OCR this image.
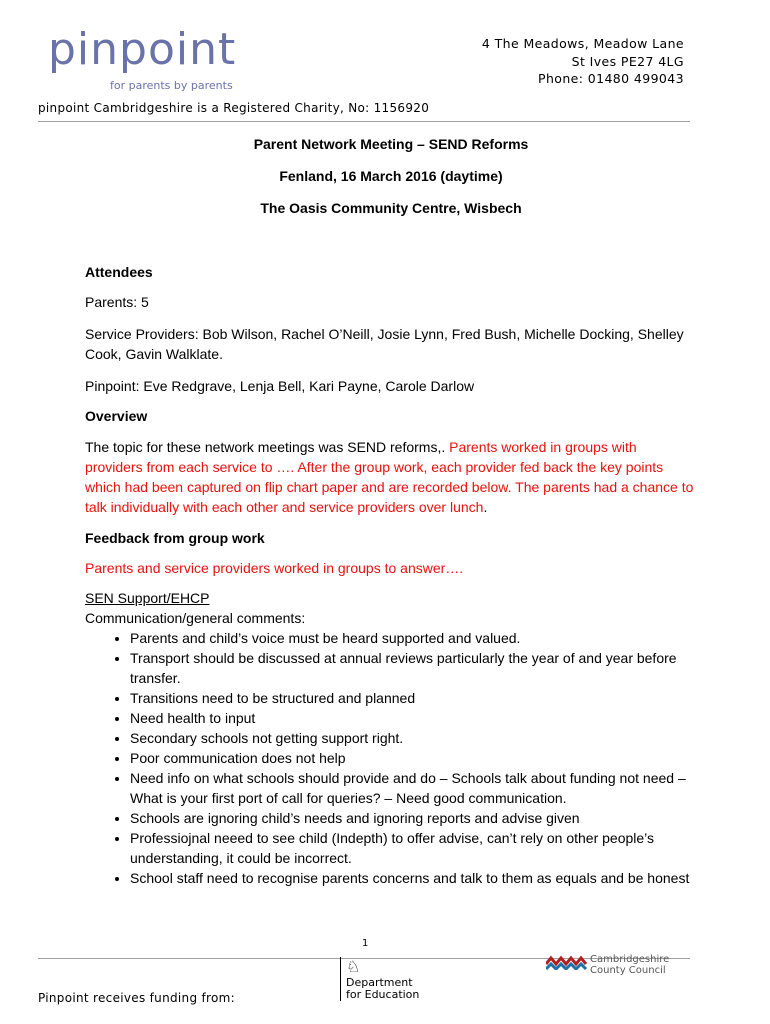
pinpoint
for parents by parents
4 The Meadows, Meadow Lane
St Ives PE27 4LG
Phone: 01480 499043
pinpoint Cambridgeshire is a Registered Charity, No: 1156920

Parent Network Meeting – SEND Reforms

Fenland, 16 March 2016 (daytime)

The Oasis Community Centre, Wisbech

Attendees

Parents: 5

Service Providers: Bob Wilson, Rachel O’Neill, Josie Lynn, Fred Bush, Michelle Docking, Shelley Cook, Gavin Walklate.

Pinpoint: Eve Redgrave, Lenja Bell, Kari Payne, Carole Darlow

Overview

The topic for these network meetings was SEND reforms,. Parents worked in groups with providers from each service to …. After the group work, each provider fed back the key points which had been captured on flip chart paper and are recorded below. The parents had a chance to talk individually with each other and service providers over lunch.

Feedback from group work

Parents and service providers worked in groups to answer….

SEN Support/EHCP

Communication/general comments:

• Parents and child’s voice must be heard supported and valued.
• Transport should be discussed at annual reviews particularly the year of and year before transfer.
• Transitions need to be structured and planned
• Need health to input
• Secondary schools not getting support right.
• Poor communication does not help
• Need info on what schools should provide and do – Schools talk about funding not need – What is your first port of call for queries? – Need good communication.
• Schools are ignoring child’s needs and ignoring reports and advise given
• Professiojnal neeed to see child (Indepth) to offer advise, can’t rely on other people’s understanding, it could be incorrect.
• School staff need to recognise parents concerns and talk to them as equals and be honest
1
Pinpoint receives funding from:
♘
Department
for Education
Cambridgeshire
County Council
